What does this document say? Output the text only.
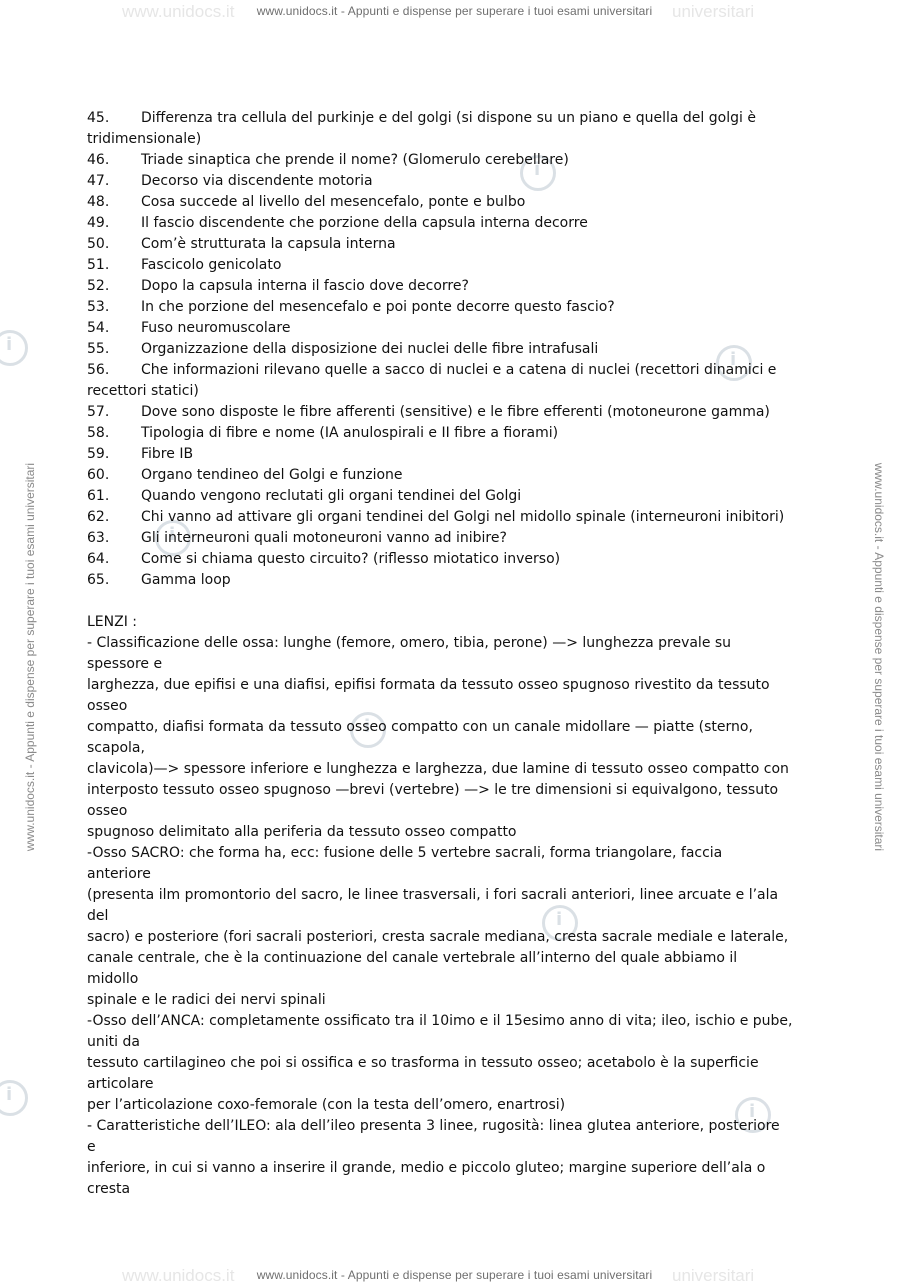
www.unidocs.it - Appunti e dispense per superare i tuoi esami universitari
www.unidocs.it	universitari
www.unidocs.it - Appunti e dispense per superare i tuoi esami universitari	www.unidocs.it - Appunti e dispense per superare i tuoi esami universitari
i
i
i
i
i
i
i
i
45.	Differenza tra cellula del purkinje e del golgi (si dispone su un piano e quella del golgi è
tridimensionale)
46.	Triade sinaptica che prende il nome? (Glomerulo cerebellare)
47.	Decorso via discendente motoria
48.	Cosa succede al livello del mesencefalo, ponte e bulbo
49.	Il fascio discendente che porzione della capsula interna decorre
50.	Com’è strutturata la capsula interna
51.	Fascicolo genicolato
52.	Dopo la capsula interna il fascio dove decorre?
53.	In che porzione del mesencefalo e poi ponte decorre questo fascio?
54.	Fuso neuromuscolare
55.	Organizzazione della disposizione dei nuclei delle fibre intrafusali
56.	Che informazioni rilevano quelle a sacco di nuclei e a catena di nuclei (recettori dinamici e
recettori statici)
57.	Dove sono disposte le fibre afferenti (sensitive) e le fibre efferenti (motoneurone gamma)
58.	Tipologia di fibre e nome (IA anulospirali e II fibre a fiorami)
59.	Fibre IB
60.	Organo tendineo del Golgi e funzione
61.	Quando vengono reclutati gli organi tendinei del Golgi
62.	Chi vanno ad attivare gli organi tendinei del Golgi nel midollo spinale (interneuroni inibitori)
63.	Gli interneuroni quali motoneuroni vanno ad inibire?
64.	Come si chiama questo circuito? (riflesso miotatico inverso)
65.	Gamma loop
LENZI :
- Classificazione delle ossa: lunghe (femore, omero, tibia, perone) —> lunghezza prevale su
spessore e
larghezza, due epifisi e una diafisi, epifisi formata da tessuto osseo spugnoso rivestito da tessuto
osseo
compatto, diafisi formata da tessuto osseo compatto con un canale midollare — piatte (sterno,
scapola,
clavicola)—> spessore inferiore e lunghezza e larghezza, due lamine di tessuto osseo compatto con
interposto tessuto osseo spugnoso —brevi (vertebre) —> le tre dimensioni si equivalgono, tessuto
osseo
spugnoso delimitato alla periferia da tessuto osseo compatto
-Osso SACRO: che forma ha, ecc: fusione delle 5 vertebre sacrali, forma triangolare, faccia
anteriore
(presenta ilm promontorio del sacro, le linee trasversali, i fori sacrali anteriori, linee arcuate e l’ala
del
sacro) e posteriore (fori sacrali posteriori, cresta sacrale mediana, cresta sacrale mediale e laterale,
canale centrale, che è la continuazione del canale vertebrale all’interno del quale abbiamo il
midollo
spinale e le radici dei nervi spinali
-Osso dell’ANCA: completamente ossificato tra il 10imo e il 15esimo anno di vita; ileo, ischio e pube,
uniti da
tessuto cartilagineo che poi si ossifica e so trasforma in tessuto osseo; acetabolo è la superficie
articolare
per l’articolazione coxo-femorale (con la testa dell’omero, enartrosi)
- Caratteristiche dell’ILEO: ala dell’ileo presenta 3 linee, rugosità: linea glutea anteriore, posteriore
e
inferiore, in cui si vanno a inserire il grande, medio e piccolo gluteo; margine superiore dell’ala o
cresta
www.unidocs.it - Appunti e dispense per superare i tuoi esami universitari
www.unidocs.it	universitari
